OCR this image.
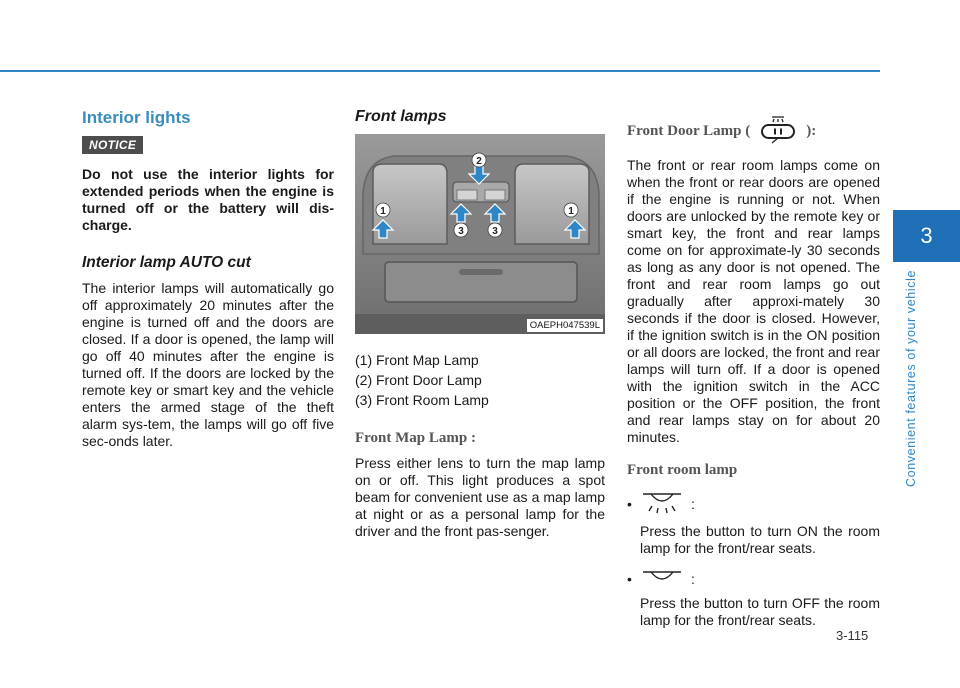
3
Convenient features of your vehicle
Interior lights
NOTICE

Do not use the interior lights for extended periods when the engine is turned off or the battery will dis-charge.

Interior lamp AUTO cut

The interior lamps will automatically go off approximately 20 minutes after the engine is turned off and the doors are closed. If a door is opened, the lamp will go off 40 minutes after the engine is turned off. If the doors are locked by the remote key or smart key and the vehicle enters the armed stage of the theft alarm sys-tem, the lamps will go off five sec-onds later.

Front lamps
1
2
3	3
1
OAEPH047539L

(1) Front Map Lamp

(2) Front Door Lamp

(3) Front Room Lamp

Front Map Lamp :

Press either lens to turn the map lamp on or off. This light produces a spot beam for convenient use as a map lamp at night or as a personal lamp for the driver and the front pas-senger.

Front Door Lamp (	):

The front or rear room lamps come on when the front or rear doors are opened if the engine is running or not. When doors are unlocked by the remote key or smart key, the front and rear lamps come on for approximate-ly 30 seconds as long as any door is not opened. The front and rear room lamps go out gradually after approxi-mately 30 seconds if the door is closed. However, if the ignition switch is in the ON position or all doors are locked, the front and rear lamps will turn off. If a door is opened with the ignition switch in the ACC position or the OFF position, the front and rear lamps stay on for about 20 minutes.

Front room lamp
•	:

Press the button to turn ON the room lamp for the front/rear seats.

•	:

Press the button to turn OFF the room lamp for the front/rear seats.

3-115
